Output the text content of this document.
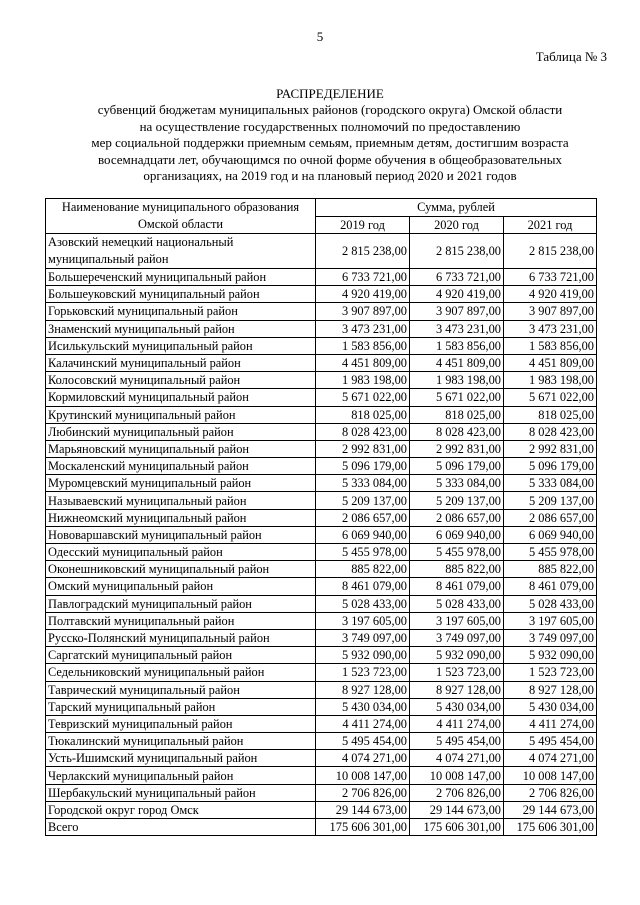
5
Таблица № 3
РАСПРЕДЕЛЕНИЕ
субвенций бюджетам муниципальных районов (городского округа) Омской области
на осуществление государственных полномочий по предоставлению
мер социальной поддержки приемным семьям, приемным детям, достигшим возраста
восемнадцати лет, обучающимся по очной форме обучения в общеобразовательных
организациях, на 2019 год и на плановый период 2020 и 2021 годов
Наименование муниципального образования Омской области	Сумма, рублей		
	2019 год	2020 год	2021 год
Азовский немецкий национальный муниципальный район	2 815 238,00	2 815 238,00	2 815 238,00
Большереченский муниципальный район	6 733 721,00	6 733 721,00	6 733 721,00
Большеуковский муниципальный район	4 920 419,00	4 920 419,00	4 920 419,00
Горьковский муниципальный район	3 907 897,00	3 907 897,00	3 907 897,00
Знаменский муниципальный район	3 473 231,00	3 473 231,00	3 473 231,00
Исилькульский муниципальный район	1 583 856,00	1 583 856,00	1 583 856,00
Калачинский муниципальный район	4 451 809,00	4 451 809,00	4 451 809,00
Колосовский муниципальный район	1 983 198,00	1 983 198,00	1 983 198,00
Кормиловский муниципальный район	5 671 022,00	5 671 022,00	5 671 022,00
Крутинский муниципальный район	818 025,00	818 025,00	818 025,00
Любинский муниципальный район	8 028 423,00	8 028 423,00	8 028 423,00
Марьяновский муниципальный район	2 992 831,00	2 992 831,00	2 992 831,00
Москаленский муниципальный район	5 096 179,00	5 096 179,00	5 096 179,00
Муромцевский муниципальный район	5 333 084,00	5 333 084,00	5 333 084,00
Называевский муниципальный район	5 209 137,00	5 209 137,00	5 209 137,00
Нижнеомский муниципальный район	2 086 657,00	2 086 657,00	2 086 657,00
Нововаршавский муниципальный район	6 069 940,00	6 069 940,00	6 069 940,00
Одесский муниципальный район	5 455 978,00	5 455 978,00	5 455 978,00
Оконешниковский муниципальный район	885 822,00	885 822,00	885 822,00
Омский муниципальный район	8 461 079,00	8 461 079,00	8 461 079,00
Павлоградский муниципальный район	5 028 433,00	5 028 433,00	5 028 433,00
Полтавский муниципальный район	3 197 605,00	3 197 605,00	3 197 605,00
Русско-Полянский муниципальный район	3 749 097,00	3 749 097,00	3 749 097,00
Саргатский муниципальный район	5 932 090,00	5 932 090,00	5 932 090,00
Седельниковский муниципальный район	1 523 723,00	1 523 723,00	1 523 723,00
Таврический муниципальный район	8 927 128,00	8 927 128,00	8 927 128,00
Тарский муниципальный район	5 430 034,00	5 430 034,00	5 430 034,00
Тевризский муниципальный район	4 411 274,00	4 411 274,00	4 411 274,00
Тюкалинский муниципальный район	5 495 454,00	5 495 454,00	5 495 454,00
Усть-Ишимский муниципальный район	4 074 271,00	4 074 271,00	4 074 271,00
Черлакский муниципальный район	10 008 147,00	10 008 147,00	10 008 147,00
Шербакульский муниципальный район	2 706 826,00	2 706 826,00	2 706 826,00
Городской округ город Омск	29 144 673,00	29 144 673,00	29 144 673,00
Всего	175 606 301,00	175 606 301,00	175 606 301,00
